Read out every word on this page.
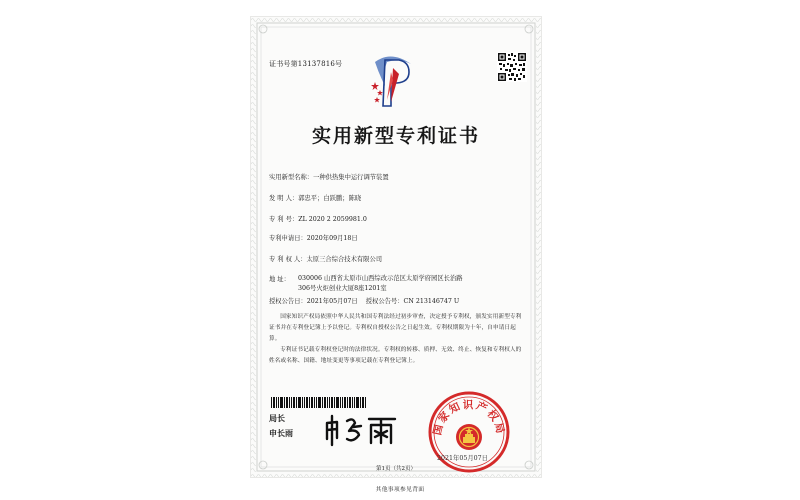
证书号第13137816号
实用新型专利证书
实用新型名称：一种供热集中运行调节装置
发 明 人：郭忠平；白跃鹏；陈晓
专 利 号：ZL 2020 2 2059981.0
专利申请日：2020年09月18日
专 利 权 人：太原三合综合技术有限公司
地 址： 030006 山西省太原市山西综改示范区太原学府园区长治路306号火炬创业大厦8座1201室
授权公告日：2021年05月07日 授权公告号：CN 213146747 U

国家知识产权局依照中华人民共和国专利法经过初步审查，决定授予专利权，颁发实用新型专利证书并在专利登记簿上予以登记。专利权自授权公告之日起生效。专利权期限为十年，自申请日起算。

专利证书记载专利权登记时的法律状况。专利权的转移、质押、无效、终止、恢复和专利权人的姓名或名称、国籍、地址变更等事项记载在专利登记簿上。

局长
申长雨	国家知识产权局
2021年05月07日
第1页（共2页）
其他事项参见背面
